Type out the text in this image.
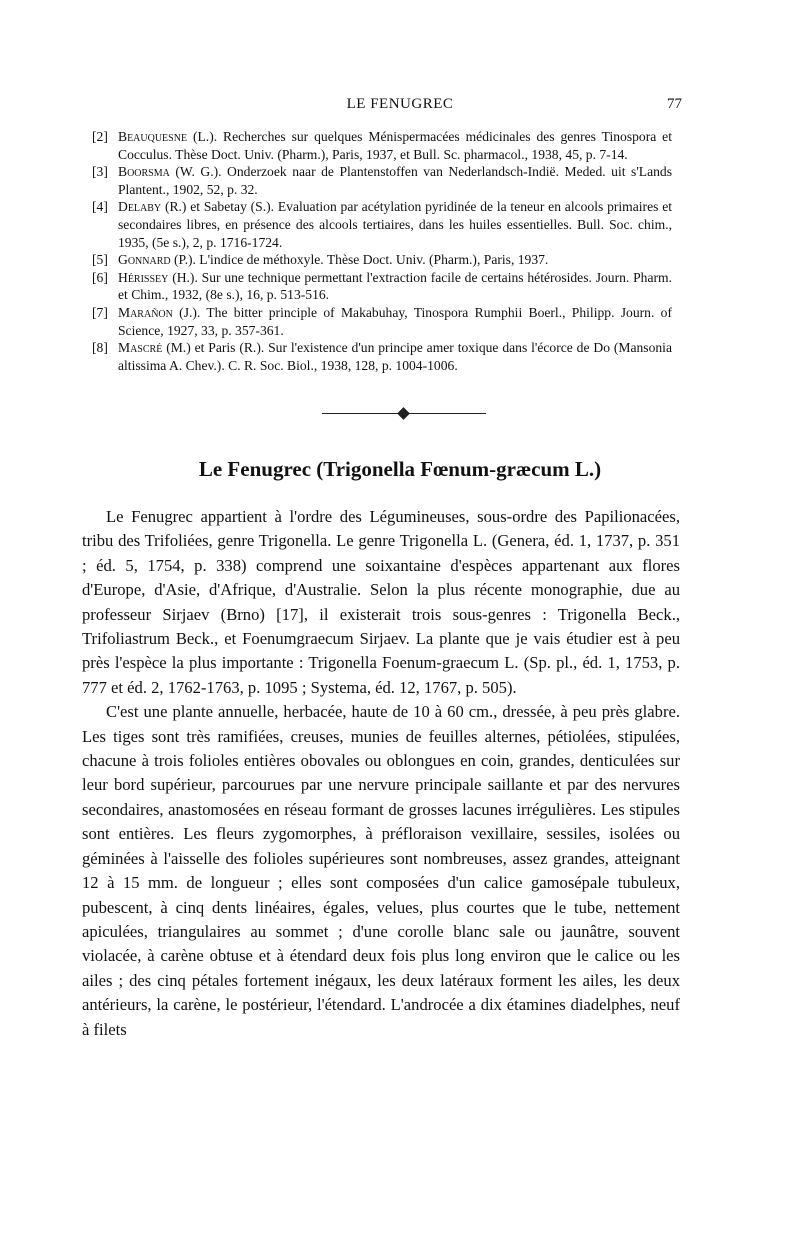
LE FENUGREC	77
[2] Beauquesne (L.). Recherches sur quelques Ménispermacées médicinales des genres Tinospora et Cocculus. Thèse Doct. Univ. (Pharm.), Paris, 1937, et Bull. Sc. pharmacol., 1938, 45, p. 7-14.
[3] Boorsma (W. G.). Onderzoek naar de Plantenstoffen van Nederlandsch-Indië. Meded. uit s'Lands Plantent., 1902, 52, p. 32.
[4] Delaby (R.) et Sabetay (S.). Evaluation par acétylation pyridinée de la teneur en alcools primaires et secondaires libres, en présence des alcools tertiaires, dans les huiles essentielles. Bull. Soc. chim., 1935, (5e s.), 2, p. 1716-1724.
[5] Gonnard (P.). L'indice de méthoxyle. Thèse Doct. Univ. (Pharm.), Paris, 1937.
[6] Hérissey (H.). Sur une technique permettant l'extraction facile de certains hétérosides. Journ. Pharm. et Chim., 1932, (8e s.), 16, p. 513-516.
[7] Marañon (J.). The bitter principle of Makabuhay, Tinospora Rumphii Boerl., Philipp. Journ. of Science, 1927, 33, p. 357-361.
[8] Mascré (M.) et Paris (R.). Sur l'existence d'un principe amer toxique dans l'écorce de Do (Mansonia altissima A. Chev.). C. R. Soc. Biol., 1938, 128, p. 1004-1006.
Le Fenugrec (Trigonella Fœnum-græcum L.)

Le Fenugrec appartient à l'ordre des Légumineuses, sous-ordre des Papilionacées, tribu des Trifoliées, genre Trigonella. Le genre Trigonella L. (Genera, éd. 1, 1737, p. 351 ; éd. 5, 1754, p. 338) comprend une soixantaine d'espèces appartenant aux flores d'Europe, d'Asie, d'Afrique, d'Australie. Selon la plus récente monographie, due au professeur Sirjaev (Brno) [17], il existerait trois sous-genres : Trigonella Beck., Trifoliastrum Beck., et Foenumgraecum Sirjaev. La plante que je vais étudier est à peu près l'espèce la plus importante : Trigonella Foenum-graecum L. (Sp. pl., éd. 1, 1753, p. 777 et éd. 2, 1762-1763, p. 1095 ; Systema, éd. 12, 1767, p. 505).

C'est une plante annuelle, herbacée, haute de 10 à 60 cm., dressée, à peu près glabre. Les tiges sont très ramifiées, creuses, munies de feuilles alternes, pétiolées, stipulées, chacune à trois folioles entières obovales ou oblongues en coin, grandes, denticulées sur leur bord supérieur, parcourues par une nervure principale saillante et par des nervures secondaires, anastomosées en réseau formant de grosses lacunes irrégulières. Les stipules sont entières. Les fleurs zygomorphes, à préfloraison vexillaire, sessiles, isolées ou géminées à l'aisselle des folioles supérieures sont nombreuses, assez grandes, atteignant 12 à 15 mm. de longueur ; elles sont composées d'un calice gamosépale tubuleux, pubescent, à cinq dents linéaires, égales, velues, plus courtes que le tube, nettement apiculées, triangulaires au sommet ; d'une corolle blanc sale ou jaunâtre, souvent violacée, à carène obtuse et à étendard deux fois plus long environ que le calice ou les ailes ; des cinq pétales fortement inégaux, les deux latéraux forment les ailes, les deux antérieurs, la carène, le postérieur, l'étendard. L'androcée a dix étamines diadelphes, neuf à filets
